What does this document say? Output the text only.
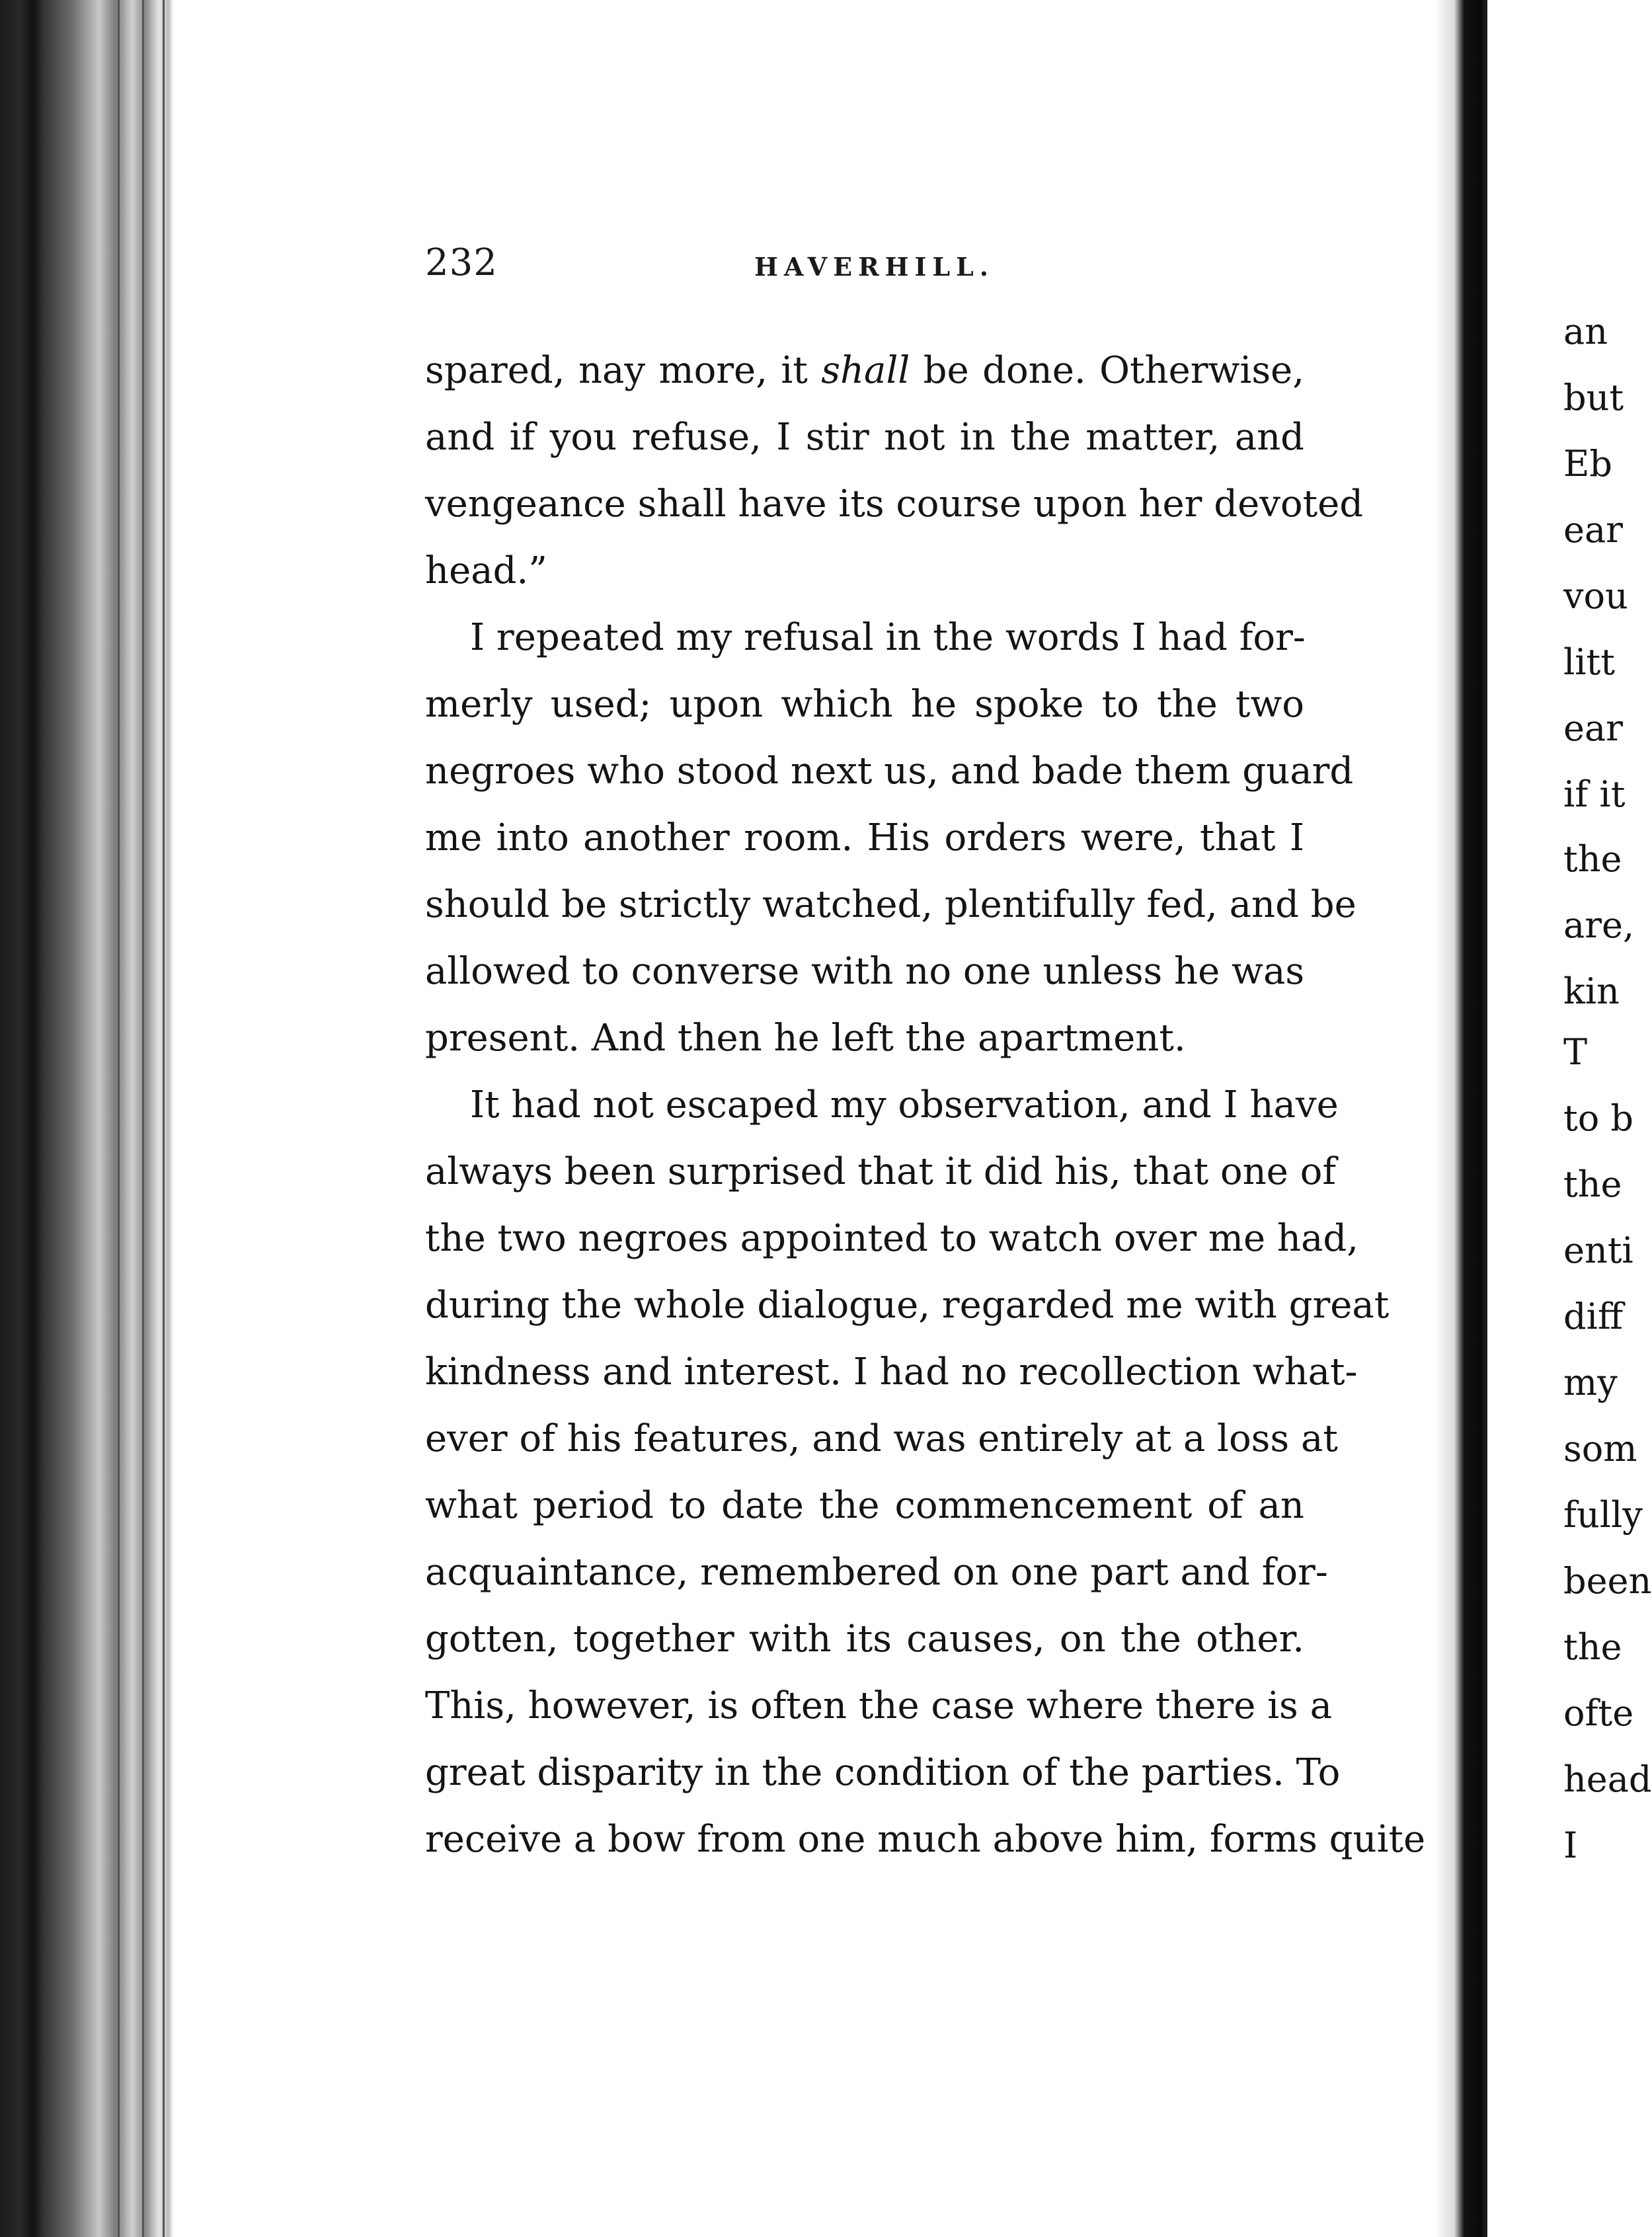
232	HAVERHILL.
spared, nay more, it shall be done. Otherwise,
and if you refuse, I stir not in the matter, and
vengeance shall have its course upon her devoted
head.”
I repeated my refusal in the words I had for-
merly used; upon which he spoke to the two
negroes who stood next us, and bade them guard
me into another room. His orders were, that I
should be strictly watched, plentifully fed, and be
allowed to converse with no one unless he was
present. And then he left the apartment.
It had not escaped my observation, and I have
always been surprised that it did his, that one of
the two negroes appointed to watch over me had,
during the whole dialogue, regarded me with great
kindness and interest. I had no recollection what-
ever of his features, and was entirely at a loss at
what period to date the commencement of an
acquaintance, remembered on one part and for-
gotten, together with its causes, on the other.
This, however, is often the case where there is a
great disparity in the condition of the parties. To
receive a bow from one much above him, forms quite
an
but
Eb
ear
vou
litt
ear
if it
the
are,
kin
T
to b
the
enti
diff
my
som
fully
been
the
ofte
head
I
